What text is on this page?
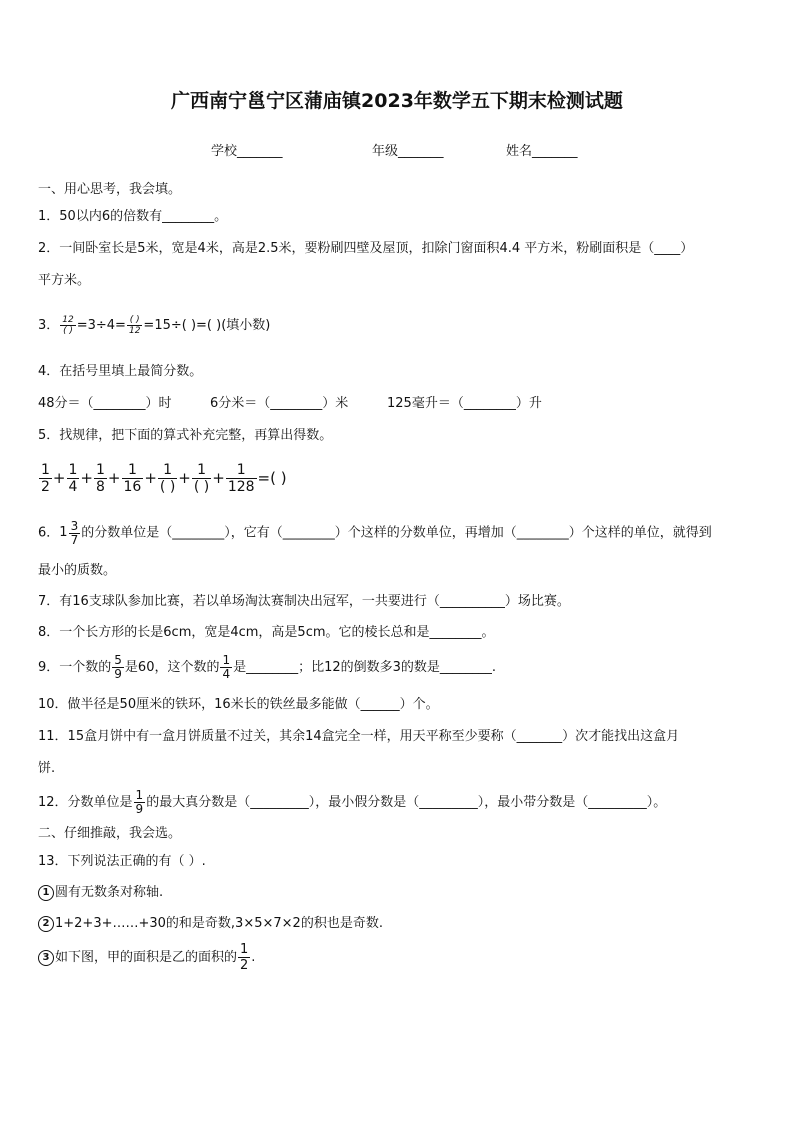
广西南宁邕宁区蒲庙镇2023年数学五下期末检测试题
学校_______	年级_______	姓名_______
一、用心思考，我会填。
1．50以内6的倍数有________。
2．一间卧室长是5米，宽是4米，高是2.5米，要粉刷四壁及屋顶，扣除门窗面积4.4 平方米，粉刷面积是（____）
平方米。
3． $\frac{12}{( )} =3\div 4= \frac{( )}{12} =15\div$( )=( )(填小数)
4．在括号里填上最简分数。
48分＝（________）时	6分米＝（________）米	125毫升＝（________）升
5．找规律，把下面的算式补充完整，再算出得数。
$\frac{1}{2} + \frac{1}{4} + \frac{1}{8} + \frac{1}{16} + \frac{1}{( )} + \frac{1}{( )} + \frac{1}{128}$ =( )
6．$1 \frac{3}{7}$ 的分数单位是（________），它有（________）个这样的分数单位，再增加（________）个这样的单位，就得到
最小的质数。
7．有16支球队参加比赛，若以单场淘汰赛制决出冠军，一共要进行（__________）场比赛。
8．一个长方形的长是6cm，宽是4cm，高是5cm。它的棱长总和是________。
9．一个数的 $\frac{5}{9}$ 是60，这个数的 $\frac{1}{4}$ 是________；比12的倒数多3的数是________.
10．做半径是50厘米的铁环，16米长的铁丝最多能做（______）个。
11．15盒月饼中有一盒月饼质量不过关，其余14盒完全一样，用天平称至少要称（_______）次才能找出这盒月
饼.
12．分数单位是 $\frac{1}{9}$ 的最大真分数是（_________），最小假分数是（_________），最小带分数是（_________）。
二、仔细推敲，我会选。
13．下列说法正确的有（ ）.
1 圆有无数条对称轴.
2 1+2+3+……+30的和是奇数,3×5×7×2的积也是奇数.
3 如下图，甲的面积是乙的面积的 $\frac{1}{2}$ .
